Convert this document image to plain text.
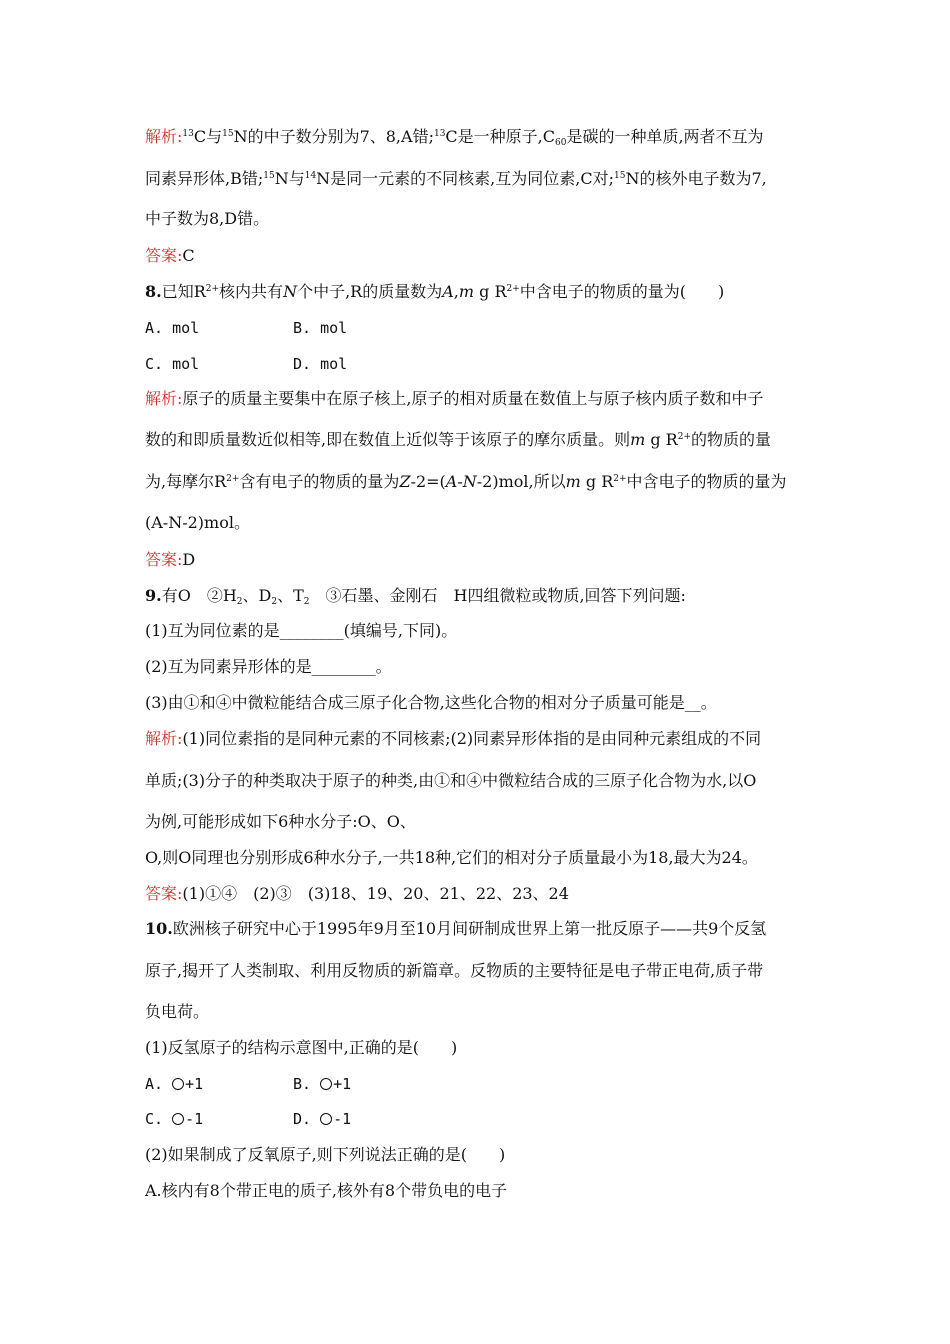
解析:$^{13}$C与$^{15}$N的中子数分别为7、8,A错;$^{13}$C是一种原子$,C_{60}$是碳的一种单质,两者不互为
同素异形体,B错;$^{15}$N与$^{14}$N是同一元素的不同核素,互为同位素,C对;$^{15}$N的核外电子数为7,
中子数为8,D错。
答案:C
8.已知$R^{2+}$核内共有N个中子,R的质量数为A,m g $R^{2+}$中含电子的物质的量为(　　)
A. mol	B. mol
C. mol	D. mol
解析:原子的质量主要集中在原子核上,原子的相对质量在数值上与原子核内质子数和中子
数的和即质量数近似相等,即在数值上近似等于该原子的摩尔质量。则m g $R^{2+}$的物质的量
为,每摩尔$R^{2+}$含有电子的物质的量为Z-2=(A-N-2)mol,所以m g $R^{2+}$中含电子的物质的量为
(A-N-2)mol。
答案:D
9.有O　$②H_2$、$D_2$、$T_2$　③石墨、金刚石　H四组微粒或物质,回答下列问题:
(1)互为同位素的是________(填编号,下同)。
(2)互为同素异形体的是________。
(3)由①和④中微粒能结合成三原子化合物,这些化合物的相对分子质量可能是__。
解析:(1)同位素指的是同种元素的不同核素;(2)同素异形体指的是由同种元素组成的不同
单质;(3)分子的种类取决于原子的种类,由①和④中微粒结合成的三原子化合物为水,以O
为例,可能形成如下6种水分子:O、O、
O,则O同理也分别形成6种水分子,一共18种,它们的相对分子质量最小为18,最大为24。
答案:(1)①④　(2)③　(3)18、19、20、21、22、23、24
10.欧洲核子研究中心于1995年9月至10月间研制成世界上第一批反原子——共9个反氢
原子,揭开了人类制取、利用反物质的新篇章。反物质的主要特征是电子带正电荷,质子带
负电荷。
(1)反氢原子的结构示意图中,正确的是(　　)
A. +1	B. +1
C. -1	D. -1
(2)如果制成了反氧原子,则下列说法正确的是(　　)
A.核内有8个带正电的质子,核外有8个带负电的电子
